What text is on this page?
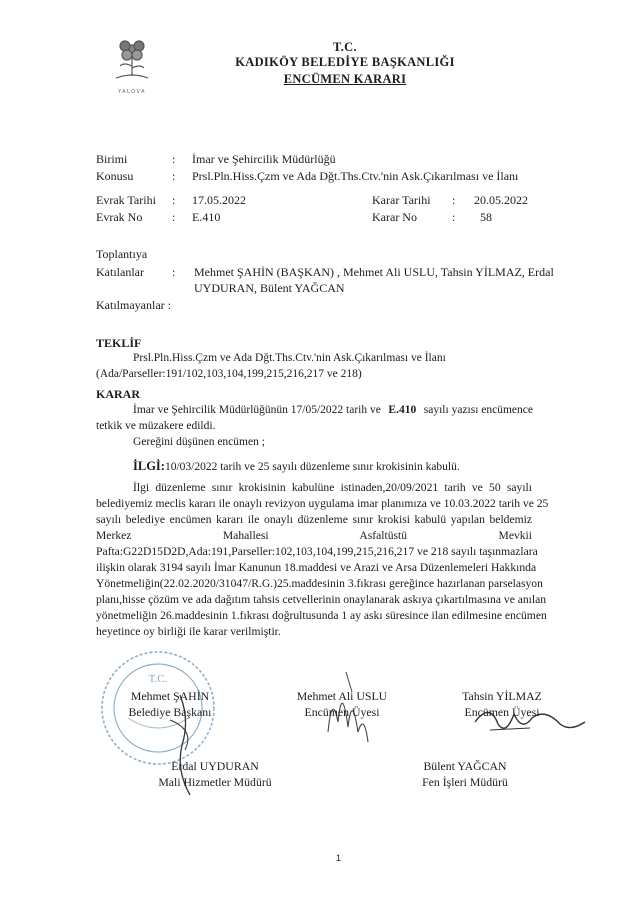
YALOVA
T.C.
KADIKÖY BELEDİYE BAŞKANLIĞI
ENCÜMEN KARARI
Birimi	: İmar ve Şehircilik Müdürlüğü
Konusu	: Prsl.Pln.Hiss.Çzm ve Ada Dğt.Ths.Ctv.'nin Ask.Çıkarılması ve İlanı
Evrak Tarihi : 17.05.2022
Evrak No : E.410
Karar Tarihi : 20.05.2022
Karar No	: 58
Toplantıya
Katılanlar : Mehmet ŞAHİN (BAŞKAN) , Mehmet Ali USLU, Tahsin YİLMAZ, Erdal
UYDURAN, Bülent YAĞCAN
Katılmayanlar :
TEKLİF
Prsl.Pln.Hiss.Çzm ve Ada Dğt.Ths.Ctv.'nin Ask.Çıkarılması ve İlanı
(Ada/Parseller:191/102,103,104,199,215,216,217 ve 218)
KARAR
İmar ve Şehircilik Müdürlüğünün 17/05/2022 tarih ve E.410 sayılı yazısı encümence
tetkik ve müzakere edildi.
Gereğini düşünen encümen ;
İLGİ:10/03/2022 tarih ve 25 sayılı düzenleme sınır krokisinin kabulü.
İlgi düzenleme sınır krokisinin kabulüne istinaden,20/09/2021 tarih ve 50 sayılı
belediyemiz meclis kararı ile onaylı revizyon uygulama imar planımıza ve 10.03.2022 tarih ve 25
sayılı belediye encümen kararı ile onaylı düzenleme sınır krokisi kabulü yapılan beldemiz
Merkez Mahallesi Asfaltüstü Mevkii
Pafta:G22D15D2D,Ada:191,Parseller:102,103,104,199,215,216,217 ve 218 sayılı taşınmazlara
ilişkin olarak 3194 sayılı İmar Kanunun 18.maddesi ve Arazi ve Arsa Düzenlemeleri Hakkında
Yönetmeliğin(22.02.2020/31047/R.G.)25.maddesinin 3.fıkrası gereğince hazırlanan parselasyon
planı,hisse çözüm ve ada dağıtım tahsis cetvellerinin onaylanarak askıya çıkartılmasına ve anılan
yönetmeliğin 26.maddesinin 1.fıkrası doğrultusunda 1 ay askı süresince ilan edilmesine encümen
heyetince oy birliği ile karar verilmiştir.
T.C.
Mehmet ŞAHİN
Belediye Başkanı
Mehmet Ali USLU
Encümen Üyesi
Tahsin YİLMAZ
Encümen Üyesi
Erdal UYDURAN
Mali Hizmetler Müdürü
Bülent YAĞCAN
Fen İşleri Müdürü
1
